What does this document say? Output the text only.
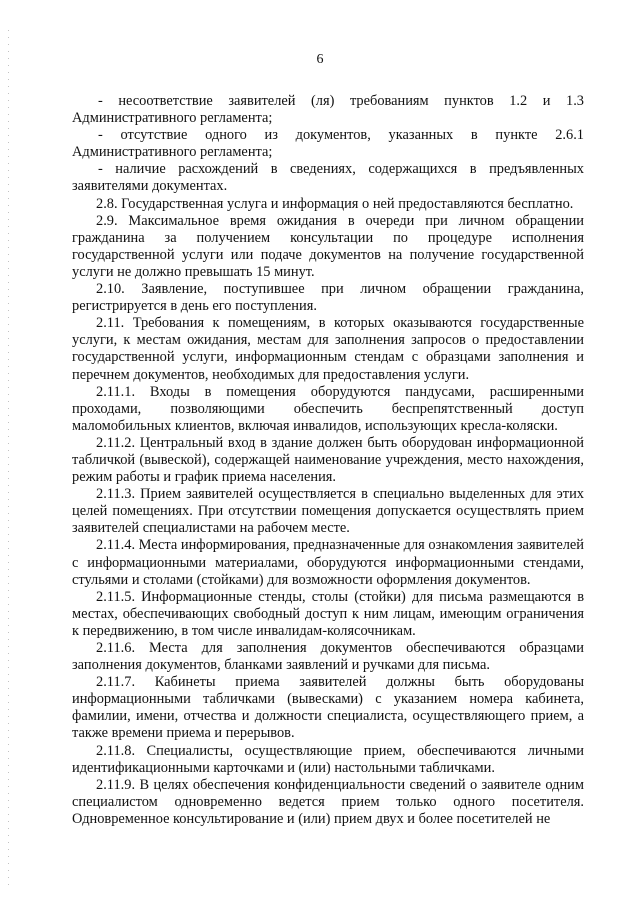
6

- несоответствие заявителей (ля) требованиям пунктов 1.2 и 1.3 Административного регламента;

- отсутствие одного из документов, указанных в пункте 2.6.1 Административного регламента;

- наличие расхождений в сведениях, содержащихся в предъявленных заявителями документах.

2.8. Государственная услуга и информация о ней предоставляются бесплатно.

2.9. Максимальное время ожидания в очереди при личном обращении гражданина за получением консультации по процедуре исполнения государственной услуги или подаче документов на получение государственной услуги не должно превышать 15 минут.

2.10. Заявление, поступившее при личном обращении гражданина, регистрируется в день его поступления.

2.11. Требования к помещениям, в которых оказываются государственные услуги, к местам ожидания, местам для заполнения запросов о предоставлении государственной услуги, информационным стендам с образцами заполнения и перечнем документов, необходимых для предоставления услуги.

2.11.1. Входы в помещения оборудуются пандусами, расширенными проходами, позволяющими обеспечить беспрепятственный доступ маломобильных клиентов, включая инвалидов, использующих кресла-коляски.

2.11.2. Центральный вход в здание должен быть оборудован информационной табличкой (вывеской), содержащей наименование учреждения, место нахождения, режим работы и график приема населения.

2.11.3. Прием заявителей осуществляется в специально выделенных для этих целей помещениях. При отсутствии помещения допускается осуществлять прием заявителей специалистами на рабочем месте.

2.11.4. Места информирования, предназначенные для ознакомления заявителей с информационными материалами, оборудуются информационными стендами, стульями и столами (стойками) для возможности оформления документов.

2.11.5. Информационные стенды, столы (стойки) для письма размещаются в местах, обеспечивающих свободный доступ к ним лицам, имеющим ограничения к передвижению, в том числе инвалидам-колясочникам.

2.11.6. Места для заполнения документов обеспечиваются образцами заполнения документов, бланками заявлений и ручками для письма.

2.11.7. Кабинеты приема заявителей должны быть оборудованы информационными табличками (вывесками) с указанием номера кабинета, фамилии, имени, отчества и должности специалиста, осуществляющего прием, а также времени приема и перерывов.

2.11.8. Специалисты, осуществляющие прием, обеспечиваются личными идентификационными карточками и (или) настольными табличками.

2.11.9. В целях обеспечения конфиденциальности сведений о заявителе одним специалистом одновременно ведется прием только одного посетителя. Одновременное консультирование и (или) прием двух и более посетителей не
